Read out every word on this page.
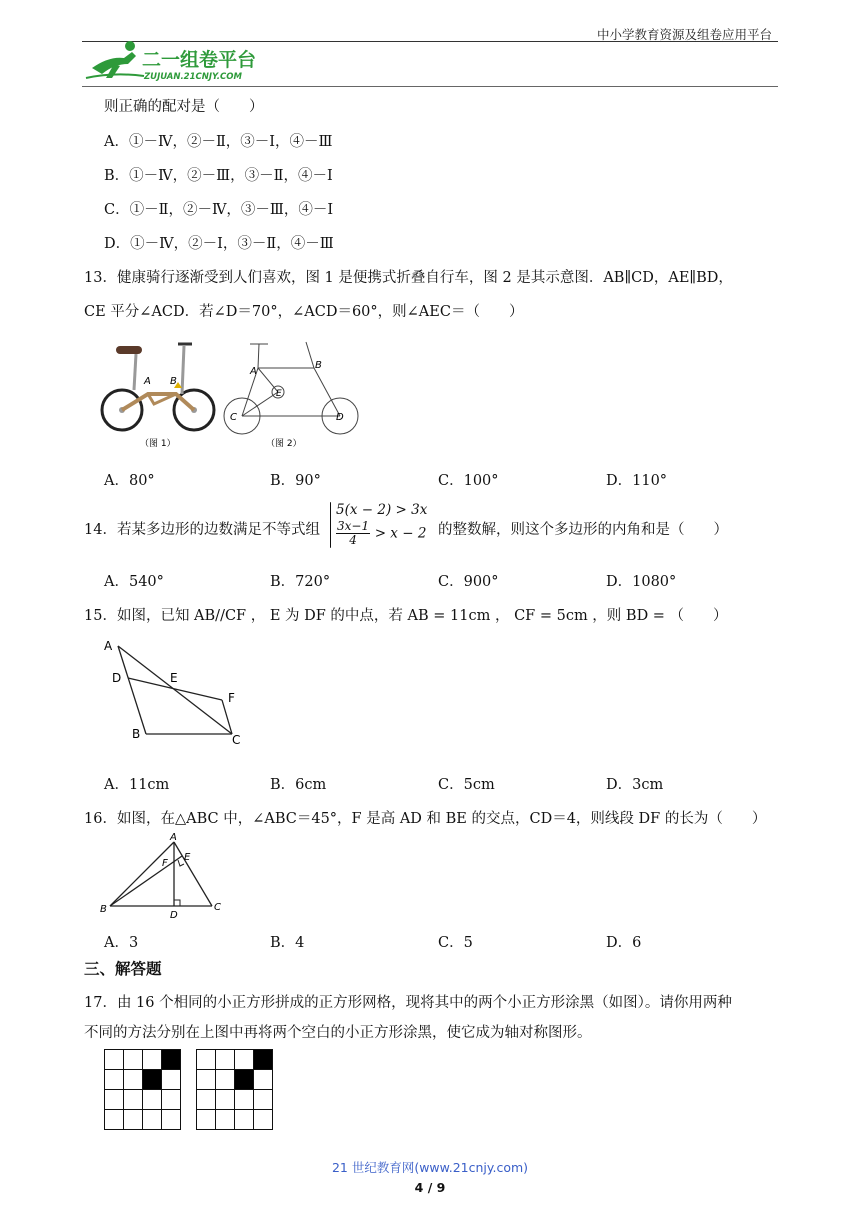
中小学教育资源及组卷应用平台
二一组卷平台
ZUJUAN.21CNJY.COM
则正确的配对是（　　）
A．①－Ⅳ，②－Ⅱ，③－Ⅰ，④－Ⅲ
B．①－Ⅳ，②－Ⅲ，③－Ⅱ，④－Ⅰ
C．①－Ⅱ，②－Ⅳ，③－Ⅲ，④－Ⅰ
D．①－Ⅳ，②－Ⅰ，③－Ⅱ，④－Ⅲ
13．健康骑行逐渐受到人们喜欢，图 1 是便携式折叠自行车，图 2 是其示意图．AB∥CD，AE∥BD，
CE 平分∠ACD．若∠D＝70°，∠ACD＝60°，则∠AEC＝（　　）
A B
（图 1）
A
B
E
C	D
（图 2）
A．80°	B．90°	C．100°	D．110°
14．若某多边形的边数满足不等式组
5(x − 2) > 3x
$\frac{3x-1}{4} > x - 2$ 的整数解，则这个多边形的内角和是（　　）
A．540°	B．720°	C．900°	D．1080°
15．如图，已知 AB//CF ， E 为 DF 的中点，若 AB = 11cm ， CF = 5cm ，则 BD = （　　）
A
D	E
F
B	C
A．11cm	B．6cm	C．5cm	D．3cm
16．如图，在△ABC 中，∠ABC＝45°，F 是高 AD 和 BE 的交点，CD＝4，则线段 DF 的长为（　　）
A
E
F
B
D
C
A．3	B．4	C．5	D．6
三、解答题
17．由 16 个相同的小正方形拼成的正方形网格，现将其中的两个小正方形涂黑（如图）。请你用两种
不同的方法分别在上图中再将两个空白的小正方形涂黑，使它成为轴对称图形。

21 世纪教育网(www.21cnjy.com)
4 / 9
